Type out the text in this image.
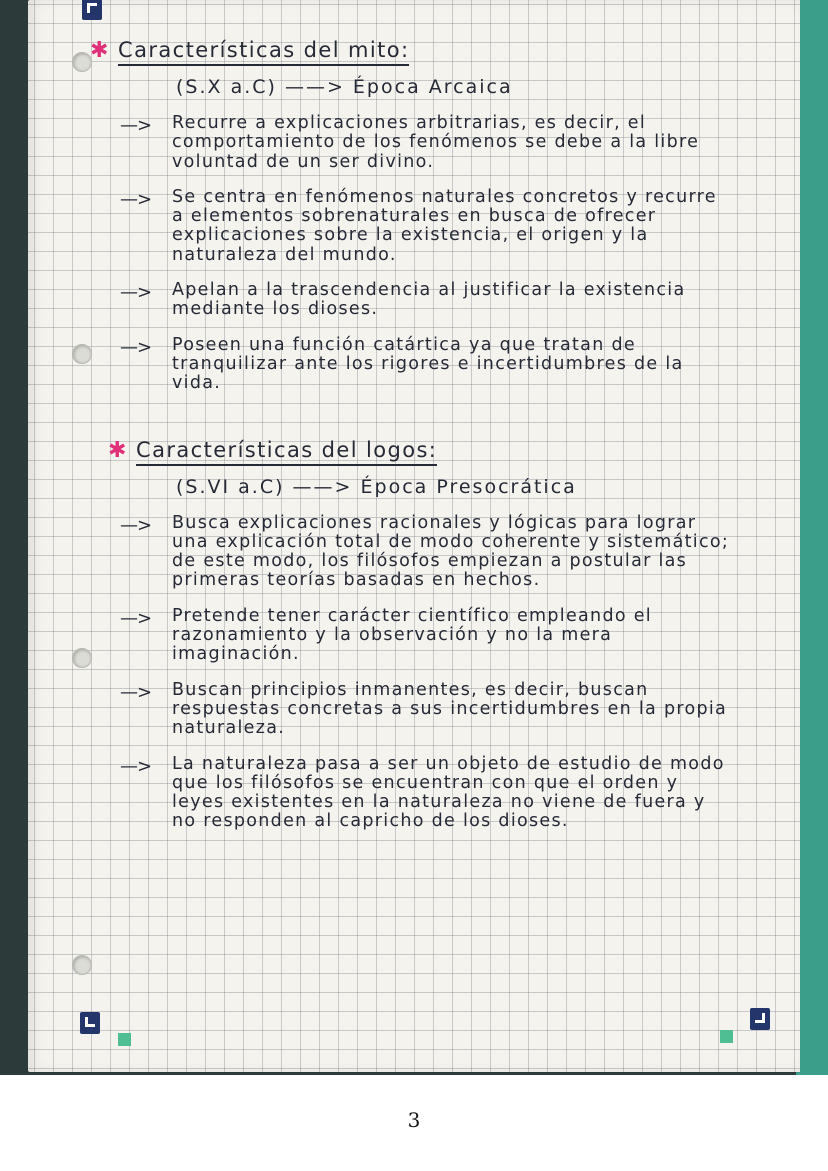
✱ Características del mito:
(S.X a.C) ——> Época Arcaica
—>	Recurre a explicaciones arbitrarias, es decir, el comportamiento de los fenómenos se debe a la libre voluntad de un ser divino.
—>	Se centra en fenómenos naturales concretos y recurre a elementos sobrenaturales en busca de ofrecer explicaciones sobre la existencia, el origen y la naturaleza del mundo.
—>	Apelan a la trascendencia al justificar la existencia mediante los dioses.
—>	Poseen una función catártica ya que tratan de tranquilizar ante los rigores e incertidumbres de la vida.
✱ Características del logos:
(S.VI a.C) ——> Época Presocrática
—>	Busca explicaciones racionales y lógicas para lograr una explicación total de modo coherente y sistemático; de este modo, los filósofos empiezan a postular las primeras teorías basadas en hechos.
—>	Pretende tener carácter científico empleando el razonamiento y la observación y no la mera imaginación.
—>	Buscan principios inmanentes, es decir, buscan respuestas concretas a sus incertidumbres en la propia naturaleza.
—>	La naturaleza pasa a ser un objeto de estudio de modo que los filósofos se encuentran con que el orden y leyes existentes en la naturaleza no viene de fuera y no responden al capricho de los dioses.
3
